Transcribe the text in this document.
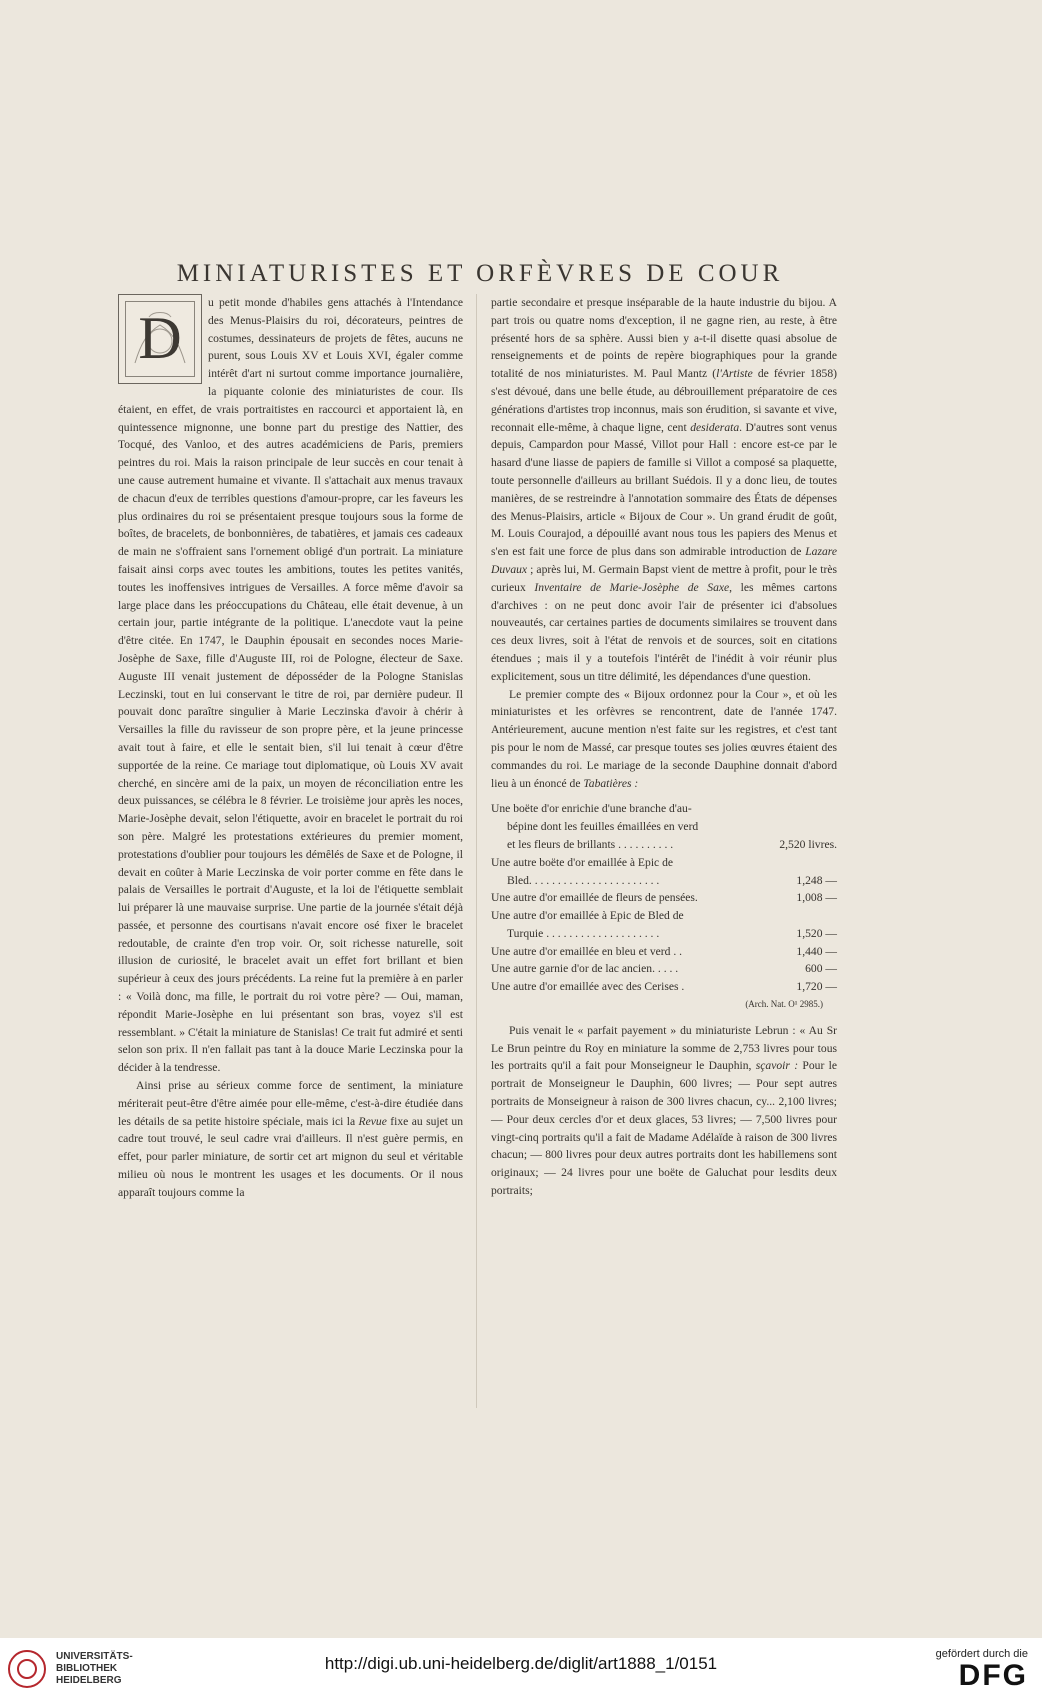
MINIATURISTES ET ORFÈVRES DE COUR

D
u petit monde d'habiles gens attachés à l'Intendance des Menus-Plaisirs du roi, décorateurs, peintres de costumes, dessinateurs de projets de fêtes, aucuns ne purent, sous Louis XV et Louis XVI, égaler comme intérêt d'art ni surtout comme importance journalière, la piquante colonie des miniaturistes de cour. Ils étaient, en effet, de vrais portraitistes en raccourci et apportaient là, en quintessence mignonne, une bonne part du prestige des Nattier, des Tocqué, des Vanloo, et des autres académiciens de Paris, premiers peintres du roi. Mais la raison principale de leur succès en cour tenait à une cause autrement humaine et vivante. Il s'attachait aux menus travaux de chacun d'eux de terribles questions d'amour-propre, car les faveurs les plus ordinaires du roi se présentaient presque toujours sous la forme de boîtes, de bracelets, de bonbonnières, de tabatières, et jamais ces cadeaux de main ne s'offraient sans l'ornement obligé d'un portrait. La miniature faisait ainsi corps avec toutes les ambitions, toutes les petites vanités, toutes les inoffensives intrigues de Versailles. A force même d'avoir sa large place dans les préoccupations du Château, elle était devenue, à un certain jour, partie intégrante de la politique. L'anecdote vaut la peine d'être citée. En 1747, le Dauphin épousait en secondes noces Marie-Josèphe de Saxe, fille d'Auguste III, roi de Pologne, électeur de Saxe. Auguste III venait justement de déposséder de la Pologne Stanislas Leczinski, tout en lui conservant le titre de roi, par dernière pudeur. Il pouvait donc paraître singulier à Marie Leczinska d'avoir à chérir à Versailles la fille du ravisseur de son propre père, et la jeune princesse avait tout à faire, et elle le sentait bien, s'il lui tenait à cœur d'être supportée de la reine. Ce mariage tout diplomatique, où Louis XV avait cherché, en sincère ami de la paix, un moyen de réconciliation entre les deux puissances, se célébra le 8 février. Le troisième jour après les noces, Marie-Josèphe devait, selon l'étiquette, avoir en bracelet le portrait du roi son père. Malgré les protestations extérieures du premier moment, protestations d'oublier pour toujours les démêlés de Saxe et de Pologne, il devait en coûter à Marie Leczinska de voir porter comme en fête dans le palais de Versailles le portrait d'Auguste, et la loi de l'étiquette semblait lui préparer là une mauvaise surprise. Une partie de la journée s'était déjà passée, et personne des courtisans n'avait encore osé fixer le bracelet redoutable, de crainte d'en trop voir. Or, soit richesse naturelle, soit illusion de curiosité, le bracelet avait un effet fort brillant et bien supérieur à ceux des jours précédents. La reine fut la première à en parler : « Voilà donc, ma fille, le portrait du roi votre père? — Oui, maman, répondit Marie-Josèphe en lui présentant son bras, voyez s'il est ressemblant. » C'était la miniature de Stanislas! Ce trait fut admiré et senti selon son prix. Il n'en fallait pas tant à la douce Marie Leczinska pour la décider à la tendresse.

Ainsi prise au sérieux comme force de sentiment, la miniature mériterait peut-être d'être aimée pour elle-même, c'est-à-dire étudiée dans les détails de sa petite histoire spéciale, mais ici la Revue fixe au sujet un cadre tout trouvé, le seul cadre vrai d'ailleurs. Il n'est guère permis, en effet, pour parler miniature, de sortir cet art mignon du seul et véritable milieu où nous le montrent les usages et les documents. Or il nous apparaît toujours comme la

partie secondaire et presque inséparable de la haute industrie du bijou. A part trois ou quatre noms d'exception, il ne gagne rien, au reste, à être présenté hors de sa sphère. Aussi bien y a-t-il disette quasi absolue de renseignements et de points de repère biographiques pour la grande totalité de nos miniaturistes. M. Paul Mantz (l'Artiste de février 1858) s'est dévoué, dans une belle étude, au débrouillement préparatoire de ces générations d'artistes trop inconnus, mais son érudition, si savante et vive, reconnait elle-même, à chaque ligne, cent desiderata. D'autres sont venus depuis, Campardon pour Massé, Villot pour Hall : encore est-ce par le hasard d'une liasse de papiers de famille si Villot a composé sa plaquette, toute personnelle d'ailleurs au brillant Suédois. Il y a donc lieu, de toutes manières, de se restreindre à l'annotation sommaire des États de dépenses des Menus-Plaisirs, article « Bijoux de Cour ». Un grand érudit de goût, M. Louis Courajod, a dépouillé avant nous tous les papiers des Menus et s'en est fait une force de plus dans son admirable introduction de Lazare Duvaux ; après lui, M. Germain Bapst vient de mettre à profit, pour le très curieux Inventaire de Marie-Josèphe de Saxe, les mêmes cartons d'archives : on ne peut donc avoir l'air de présenter ici d'absolues nouveautés, car certaines parties de documents similaires se trouvent dans ces deux livres, soit à l'état de renvois et de sources, soit en citations étendues ; mais il y a toutefois l'intérêt de l'inédit à voir réunir plus explicitement, sous un titre délimité, les dépendances d'une question.

Le premier compte des « Bijoux ordonnez pour la Cour », et où les miniaturistes et les orfèvres se rencontrent, date de l'année 1747. Antérieurement, aucune mention n'est faite sur les registres, et c'est tant pis pour le nom de Massé, car presque toutes ses jolies œuvres étaient des commandes du roi. Le mariage de la seconde Dauphine donnait d'abord lieu à un énoncé de Tabatières :

Une boëte d'or enrichie d'une branche d'au-
bépine dont les feuilles émaillées en verd
et les fleurs de brillants . . . . . . . . . .	2,520 livres.
Une autre boëte d'or emaillée à Epic de
Bled. . . . . . . . . . . . . . . . . . . . . . .	1,248 —
Une autre d'or emaillée de fleurs de pensées.	1,008 —
Une autre d'or emaillée à Epic de Bled de
Turquie . . . . . . . . . . . . . . . . . . . .	1,520 —
Une autre d'or emaillée en bleu et verd . .	1,440 —
Une autre garnie d'or de lac ancien. . . . .	600 —
Une autre d'or emaillée avec des Cerises .	1,720 —
(Arch. Nat. O¹ 2985.)

Puis venait le « parfait payement » du miniaturiste Lebrun : « Au Sr Le Brun peintre du Roy en miniature la somme de 2,753 livres pour tous les portraits qu'il a fait pour Monseigneur le Dauphin, sçavoir : Pour le portrait de Monseigneur le Dauphin, 600 livres; — Pour sept autres portraits de Monseigneur à raison de 300 livres chacun, cy... 2,100 livres; — Pour deux cercles d'or et deux glaces, 53 livres; — 7,500 livres pour vingt-cinq portraits qu'il a fait de Madame Adélaïde à raison de 300 livres chacun; — 800 livres pour deux autres portraits dont les habillemens sont originaux; — 24 livres pour une boëte de Galuchat pour lesdits deux portraits;

UNIVERSITÄTS-
BIBLIOTHEK
HEIDELBERG
http://digi.ub.uni-heidelberg.de/diglit/art1888_1/0151	gefördert durch die
DFG
